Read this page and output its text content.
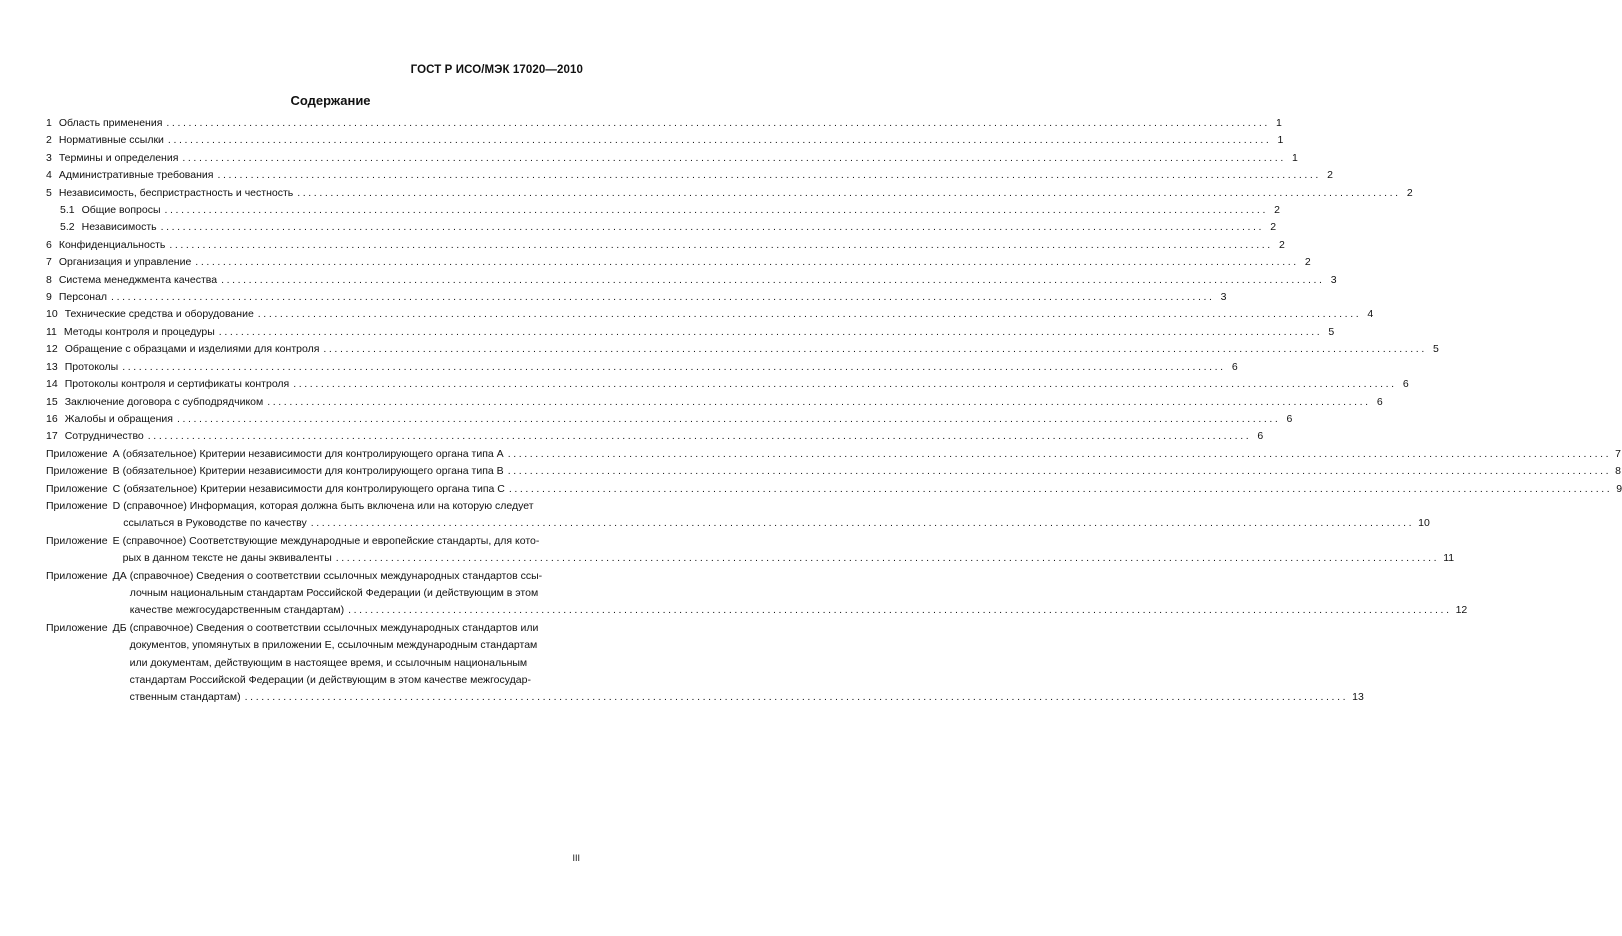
ГОСТ Р ИСО/МЭК 17020—2010
Содержание
1 Область применения ........................................................................................................................................................................................................ 1
2 Нормативные ссылки ........................................................................................................................................................................................................ 1
3 Термины и определения ........................................................................................................................................................................................................ 1
4 Административные требования ........................................................................................................................................................................................................ 2
5 Независимость, беспристрастность и честность ........................................................................................................................................................................................................ 2
5.1 Общие вопросы ........................................................................................................................................................................................................ 2
5.2 Независимость ........................................................................................................................................................................................................ 2
6 Конфиденциальность ........................................................................................................................................................................................................ 2
7 Организация и управление ........................................................................................................................................................................................................ 2
8 Система менеджмента качества ........................................................................................................................................................................................................ 3
9 Персонал ........................................................................................................................................................................................................ 3
10 Технические средства и оборудование ........................................................................................................................................................................................................ 4
11 Методы контроля и процедуры ........................................................................................................................................................................................................ 5
12 Обращение с образцами и изделиями для контроля ........................................................................................................................................................................................................ 5
13 Протоколы ........................................................................................................................................................................................................ 6
14 Протоколы контроля и сертификаты контроля ........................................................................................................................................................................................................ 6
15 Заключение договора с субподрядчиком ........................................................................................................................................................................................................ 6
16 Жалобы и обращения ........................................................................................................................................................................................................ 6
17 Сотрудничество ........................................................................................................................................................................................................ 6
Приложение А (обязательное) Критерии независимости для контролирующего органа типа А ........................................................................................................................................................................................................ 7
Приложение В (обязательное) Критерии независимости для контролирующего органа типа В ........................................................................................................................................................................................................ 8
Приложение С (обязательное) Критерии независимости для контролирующего органа типа С ........................................................................................................................................................................................................ 9
Приложение D (справочное) Информация, которая должна быть включена или на которую следует
ссылаться в Руководстве по качеству ........................................................................................................................................................................................................ 10
Приложение Е (справочное) Соответствующие международные и европейские стандарты, для кото-
рых в данном тексте не даны эквиваленты ........................................................................................................................................................................................................ 11
Приложение ДА (справочное) Сведения о соответствии ссылочных международных стандартов ссы-
лочным национальным стандартам Российской Федерации (и действующим в этом
качестве межгосударственным стандартам) ........................................................................................................................................................................................................ 12
Приложение ДБ (справочное) Сведения о соответствии ссылочных международных стандартов или
документов, упомянутых в приложении Е, ссылочным международным стандартам
или документам, действующим в настоящее время, и ссылочным национальным
стандартам Российской Федерации (и действующим в этом качестве межгосудар-
ственным стандартам) ........................................................................................................................................................................................................ 13
III
